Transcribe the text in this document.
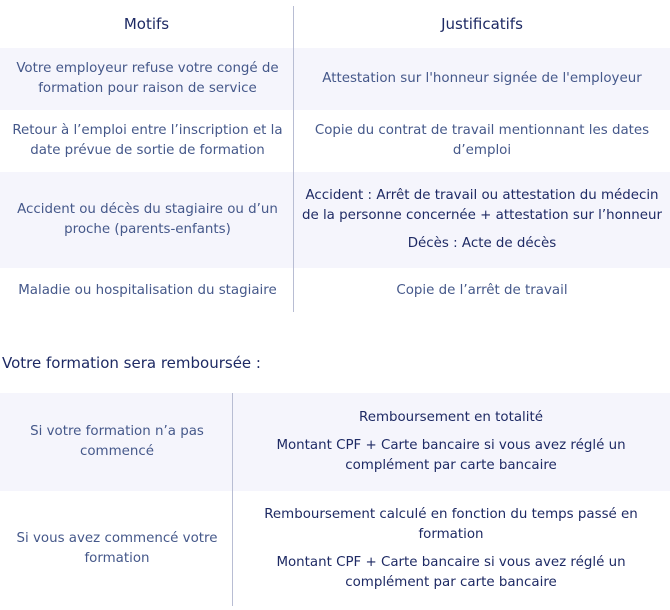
Motifs	Justificatifs
Votre employeur refuse votre congé de
formation pour raison de service
Attestation sur l'honneur signée de l'employeur
Retour à l’emploi entre l’inscription et la
date prévue de sortie de formation
Copie du contrat de travail mentionnant les dates
d’emploi
Accident ou décès du stagiaire ou d’un
proche (parents-enfants)
Accident : Arrêt de travail ou attestation du médecin
de la personne concernée + attestation sur l’honneur
Décès : Acte de décès
Maladie ou hospitalisation du stagiaire	Copie de l’arrêt de travail
Votre formation sera remboursée :
Si votre formation n’a pas
commencé
Remboursement en totalité
Montant CPF + Carte bancaire si vous avez réglé un
complément par carte bancaire
Si vous avez commencé votre
formation
Remboursement calculé en fonction du temps passé en
formation
Montant CPF + Carte bancaire si vous avez réglé un
complément par carte bancaire
